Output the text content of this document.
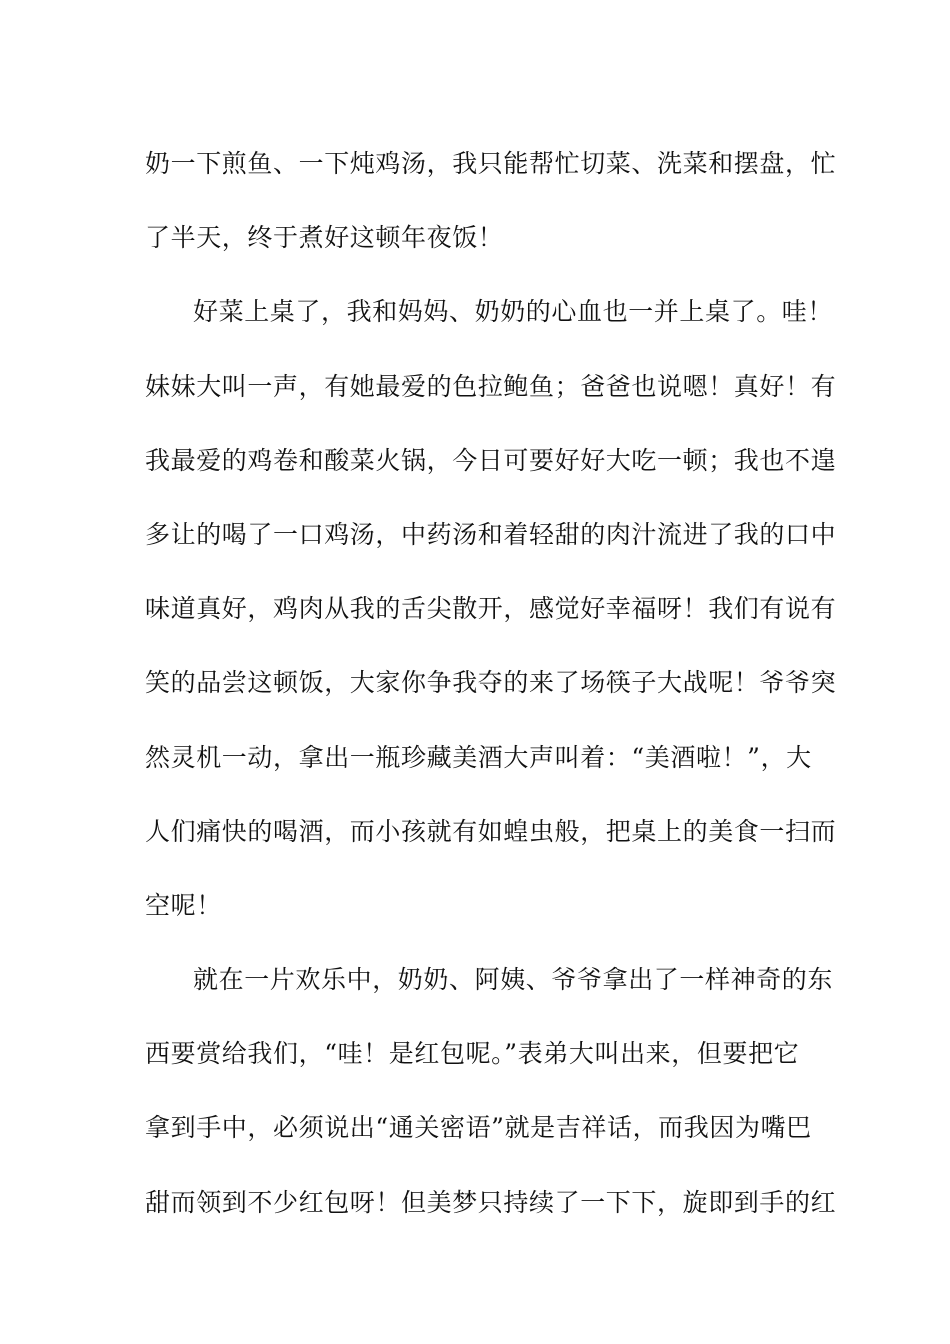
奶一下煎鱼、一下炖鸡汤，我只能帮忙切菜、洗菜和摆盘，忙
了半天，终于煮好这顿年夜饭！
好菜上桌了，我和妈妈、奶奶的心血也一并上桌了。哇！
妹妹大叫一声，有她最爱的色拉鲍鱼；爸爸也说嗯！真好！有
我最爱的鸡卷和酸菜火锅，今日可要好好大吃一顿；我也不遑
多让的喝了一口鸡汤，中药汤和着轻甜的肉汁流进了我的口中
味道真好，鸡肉从我的舌尖散开，感觉好幸福呀！我们有说有
笑的品尝这顿饭，大家你争我夺的来了场筷子大战呢！爷爷突
然灵机一动，拿出一瓶珍藏美酒大声叫着：“美酒啦！”，大
人们痛快的喝酒，而小孩就有如蝗虫般，把桌上的美食一扫而
空呢！
就在一片欢乐中，奶奶、阿姨、爷爷拿出了一样神奇的东
西要赏给我们，“哇！是红包呢。”表弟大叫出来，但要把它
拿到手中，必须说出“通关密语”就是吉祥话，而我因为嘴巴
甜而领到不少红包呀！但美梦只持续了一下下，旋即到手的红
